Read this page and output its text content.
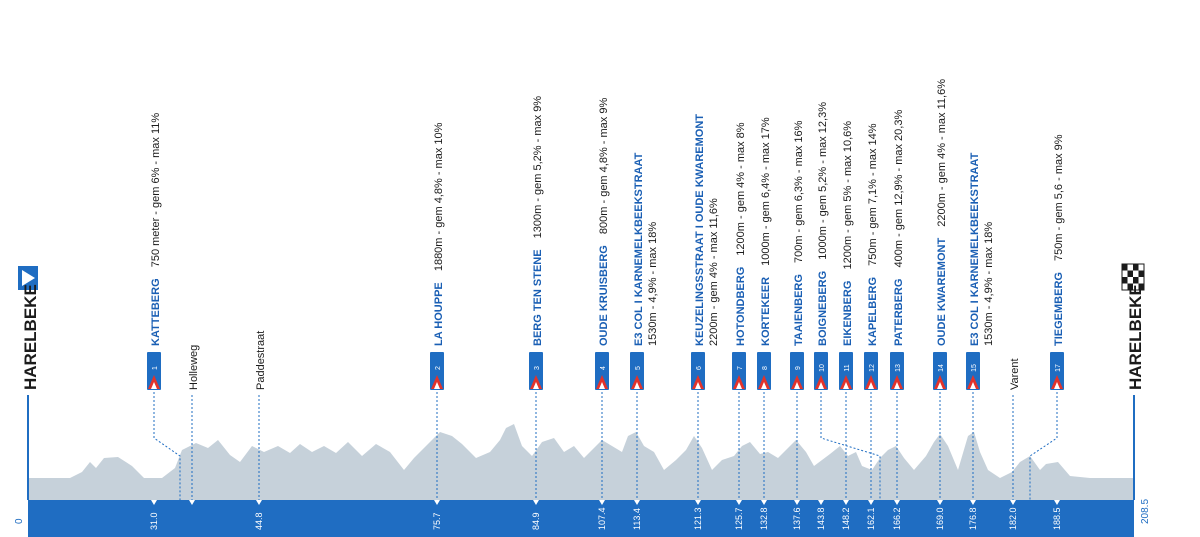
1
KATTEBERG 750 meter - gem 6% - max 11%
31.0
Holleweg	Paddestraat
44.8
2
LA HOUPPE 1880m - gem 4,8% - max 10%
75.7
3
BERG TEN STENE 1300m - gem 5,2% - max 9%
84.9
4
OUDE KRUISBERG 800m - gem 4,8% - max 9%
107.4
5
E3 COL I KARNEMELKBEEKSTRAAT 1530m - 4,9% - max 18%
113.4
6
KEUZELINGSSTRAAT I OUDE KWAREMONT 2200m - gem 4% - max 11,6%
121.3
7
HOTONDBERG 1200m - gem 4% - max 8%
125.7
8
KORTEKEER 1000m - gem 6,4% - max 17%
132.8
9
TAAIENBERG 700m - gem 6,3% - max 16%
137.6
10
BOIGNEBERG 1000m - gem 5,2% - max 12,3%
143.8
11
EIKENBERG 1200m - gem 5% - max 10,6%
148.2
12
KAPELBERG 750m - gem 7,1% - max 14%
162.1
13
PATERBERG 400m - gem 12,9% - max 20,3%
166.2
14
OUDE KWAREMONT 2200m - gem 4% - max 11,6%
169.0
15
E3 COL I KARNEMELKBEEKSTRAAT 1530m - 4,9% - max 18%
176.8
Varent
182.0
17
TIEGEMBERG 750m - gem 5,6 - max 9%
188.5
HARELBEKE
0
HARELBEKE
208.5
